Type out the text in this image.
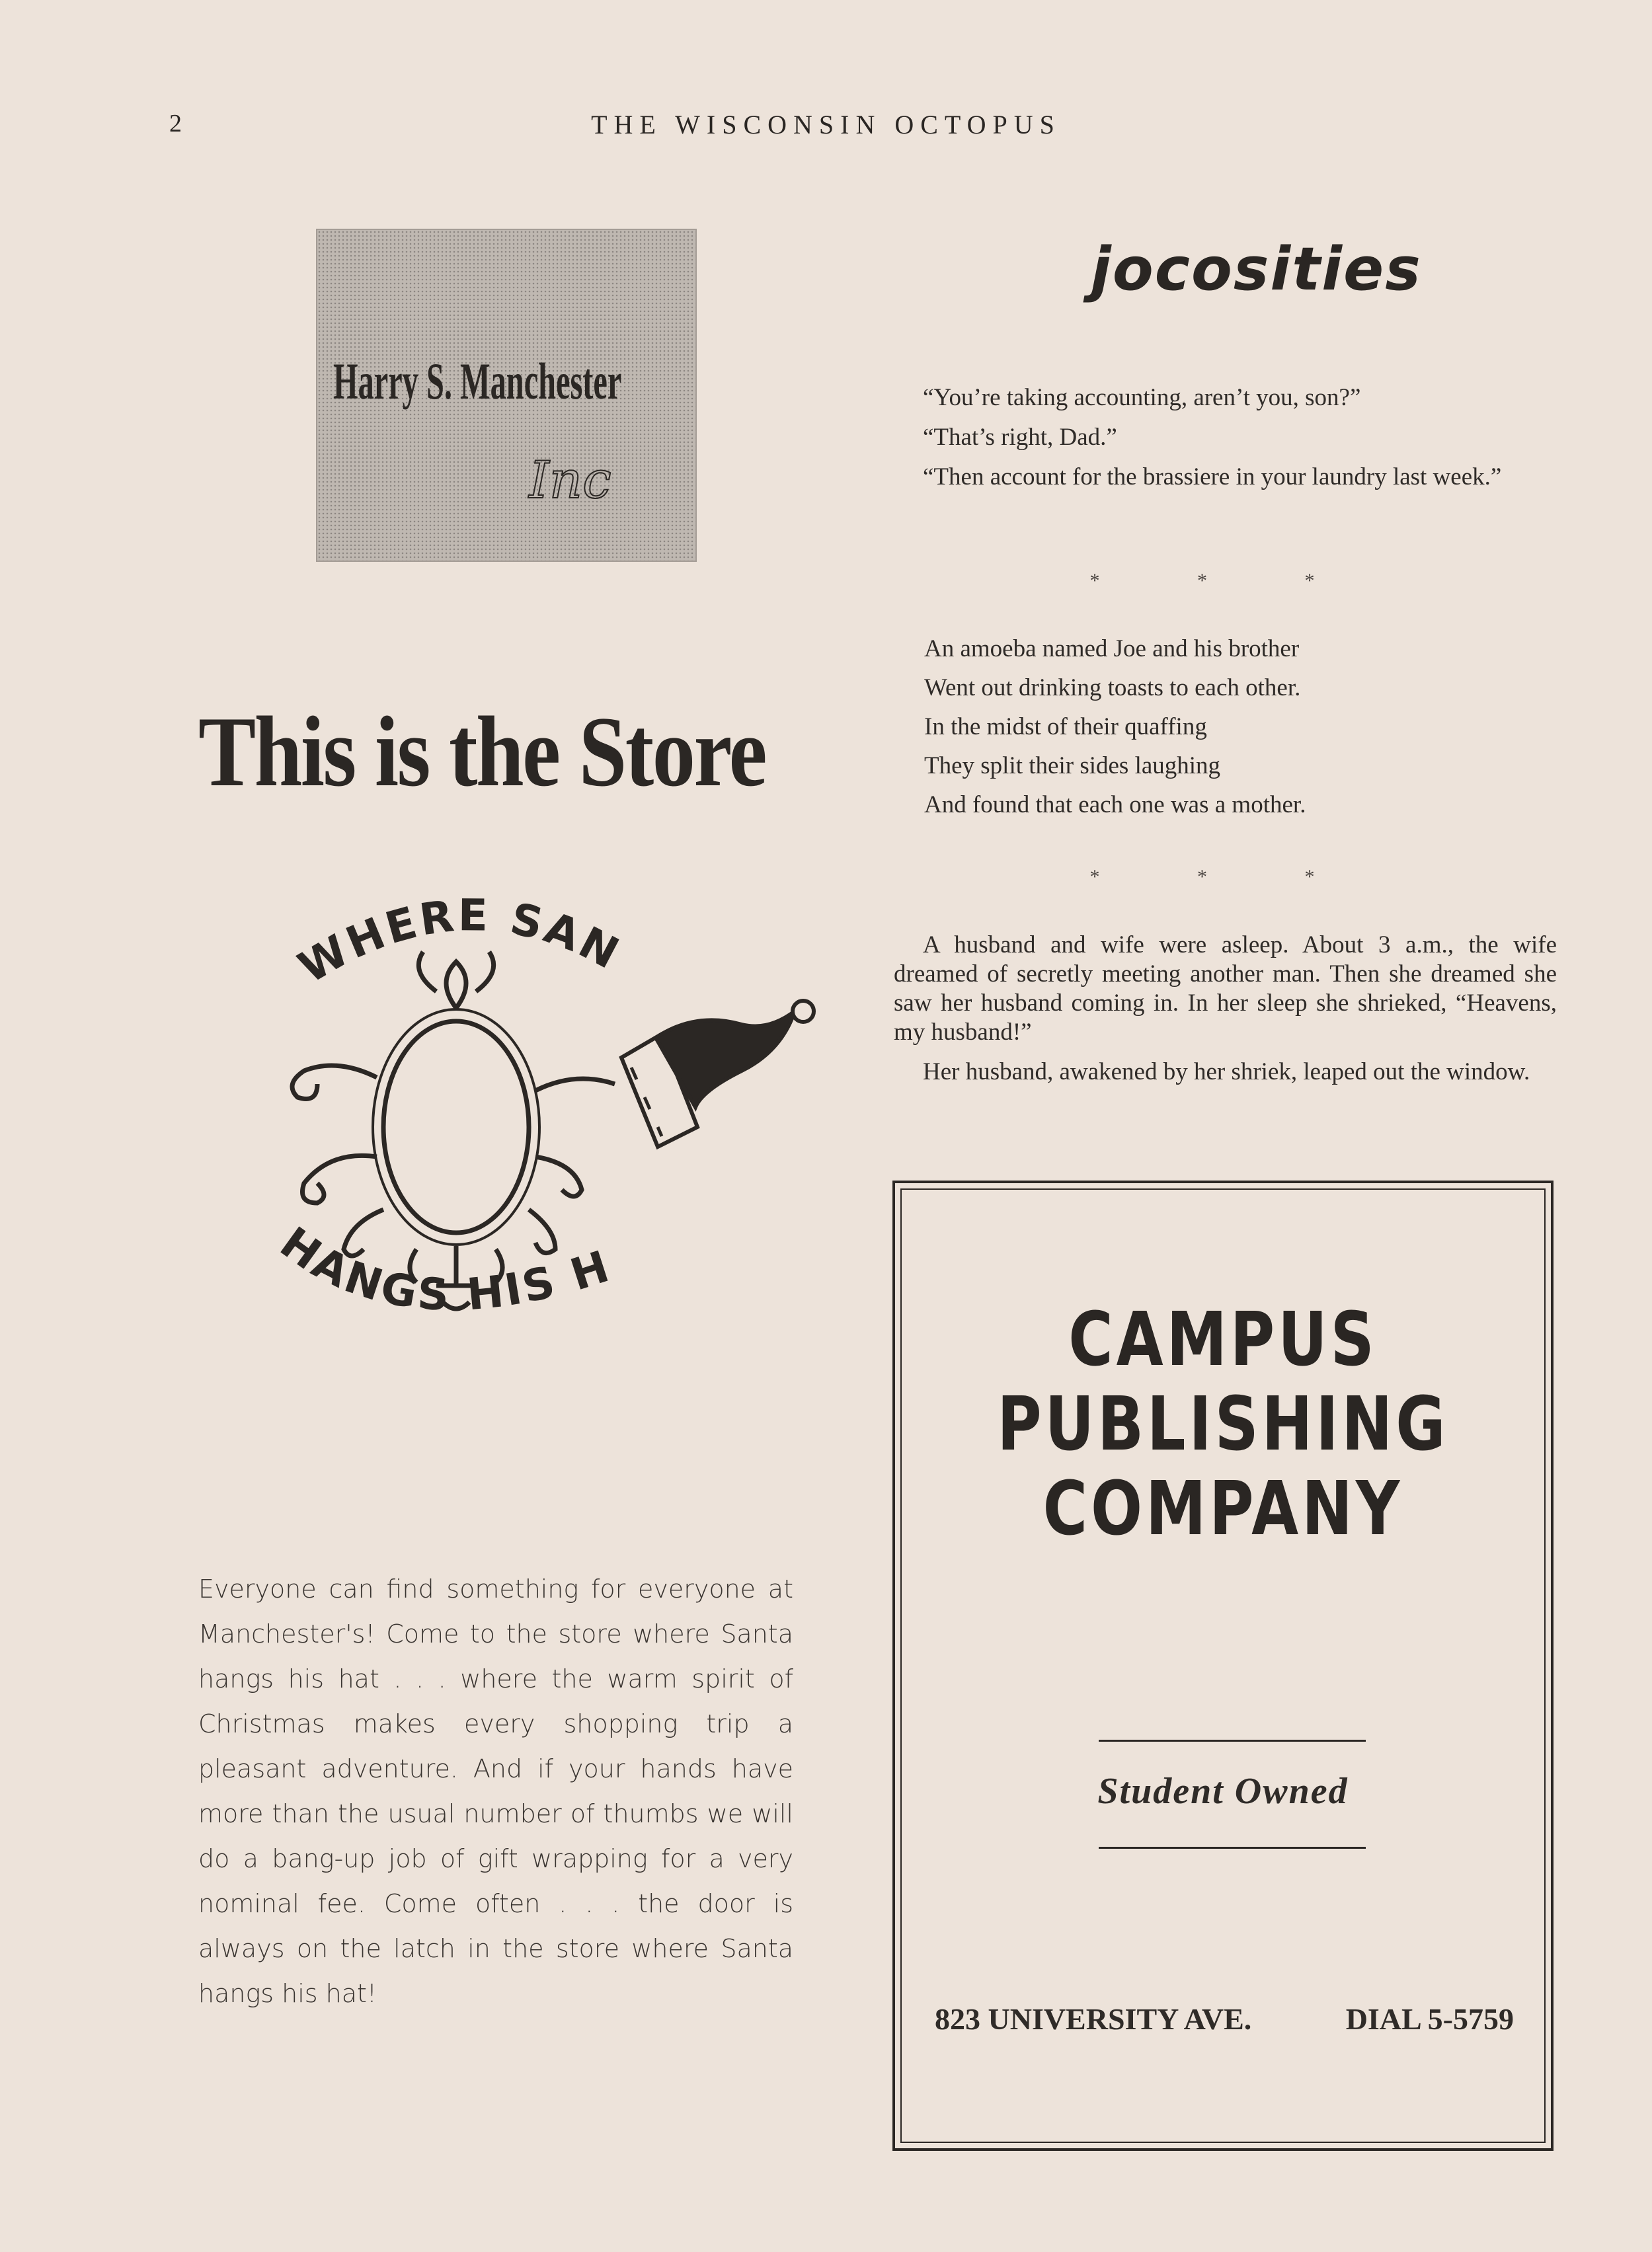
2	THE WISCONSIN OCTOPUS
Harry S. Manchester
Inc
This is the Store
WHERE SAN
HANGS HIS H
Everyone can find something for everyone at Manchester's! Come to the store where Santa hangs his hat . . . where the warm spirit of Christmas makes every shopping trip a pleasant adventure. And if your hands have more than the usual number of thumbs we will do a bang-up job of gift wrapping for a very nominal fee. Come often . . . the door is always on the latch in the store where Santa hangs his hat!
jocosities

“You’re taking accounting, aren’t you, son?”

“That’s right, Dad.”

“Then account for the brassiere in your laundry last week.”

* * *
An amoeba named Joe and his brother
Went out drinking toasts to each other.
In the midst of their quaffing
They split their sides laughing
And found that each one was a mother.
* * *

A husband and wife were asleep. About 3 a.m., the wife dreamed of secretly meeting another man. Then she dreamed she saw her husband coming in. In her sleep she shrieked, “Heavens, my husband!”

Her husband, awakened by her shriek, leaped out the window.

CAMPUS
PUBLISHING
COMPANY
Student Owned
823 UNIVERSITY AVE.	DIAL 5-5759
